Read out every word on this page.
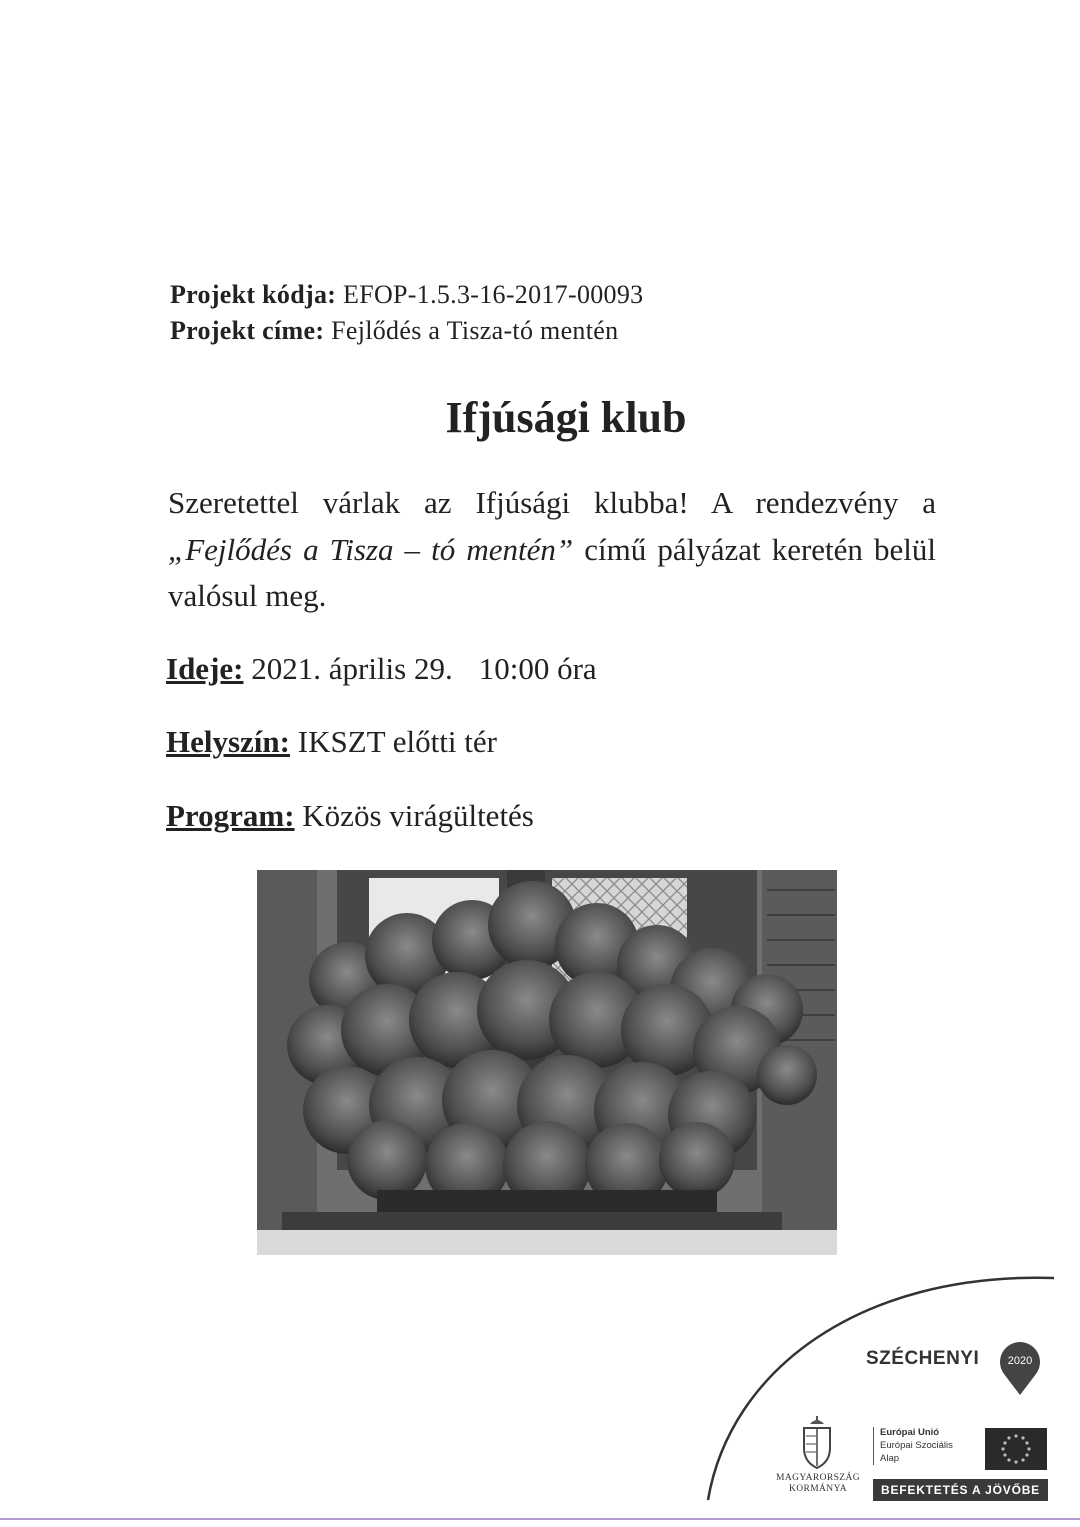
Projekt kódja: EFOP-1.5.3-16-2017-00093
Projekt címe: Fejlődés a Tisza-tó mentén
Ifjúsági klub
Szeretettel várlak az Ifjúsági klubba! A rendezvény a „Fejlődés a Tisza – tó mentén” című pályázat keretén belül valósul meg.
Ideje: 2021. április 29. 10:00 óra
Helyszín: IKSZT előtti tér
Program: Közös virágültetés
MAGYARORSZÁG
KORMÁNYA
SZÉCHENYI	2020
Európai Unió
Európai Szociális
Alap
BEFEKTETÉS A JÖVŐBE
